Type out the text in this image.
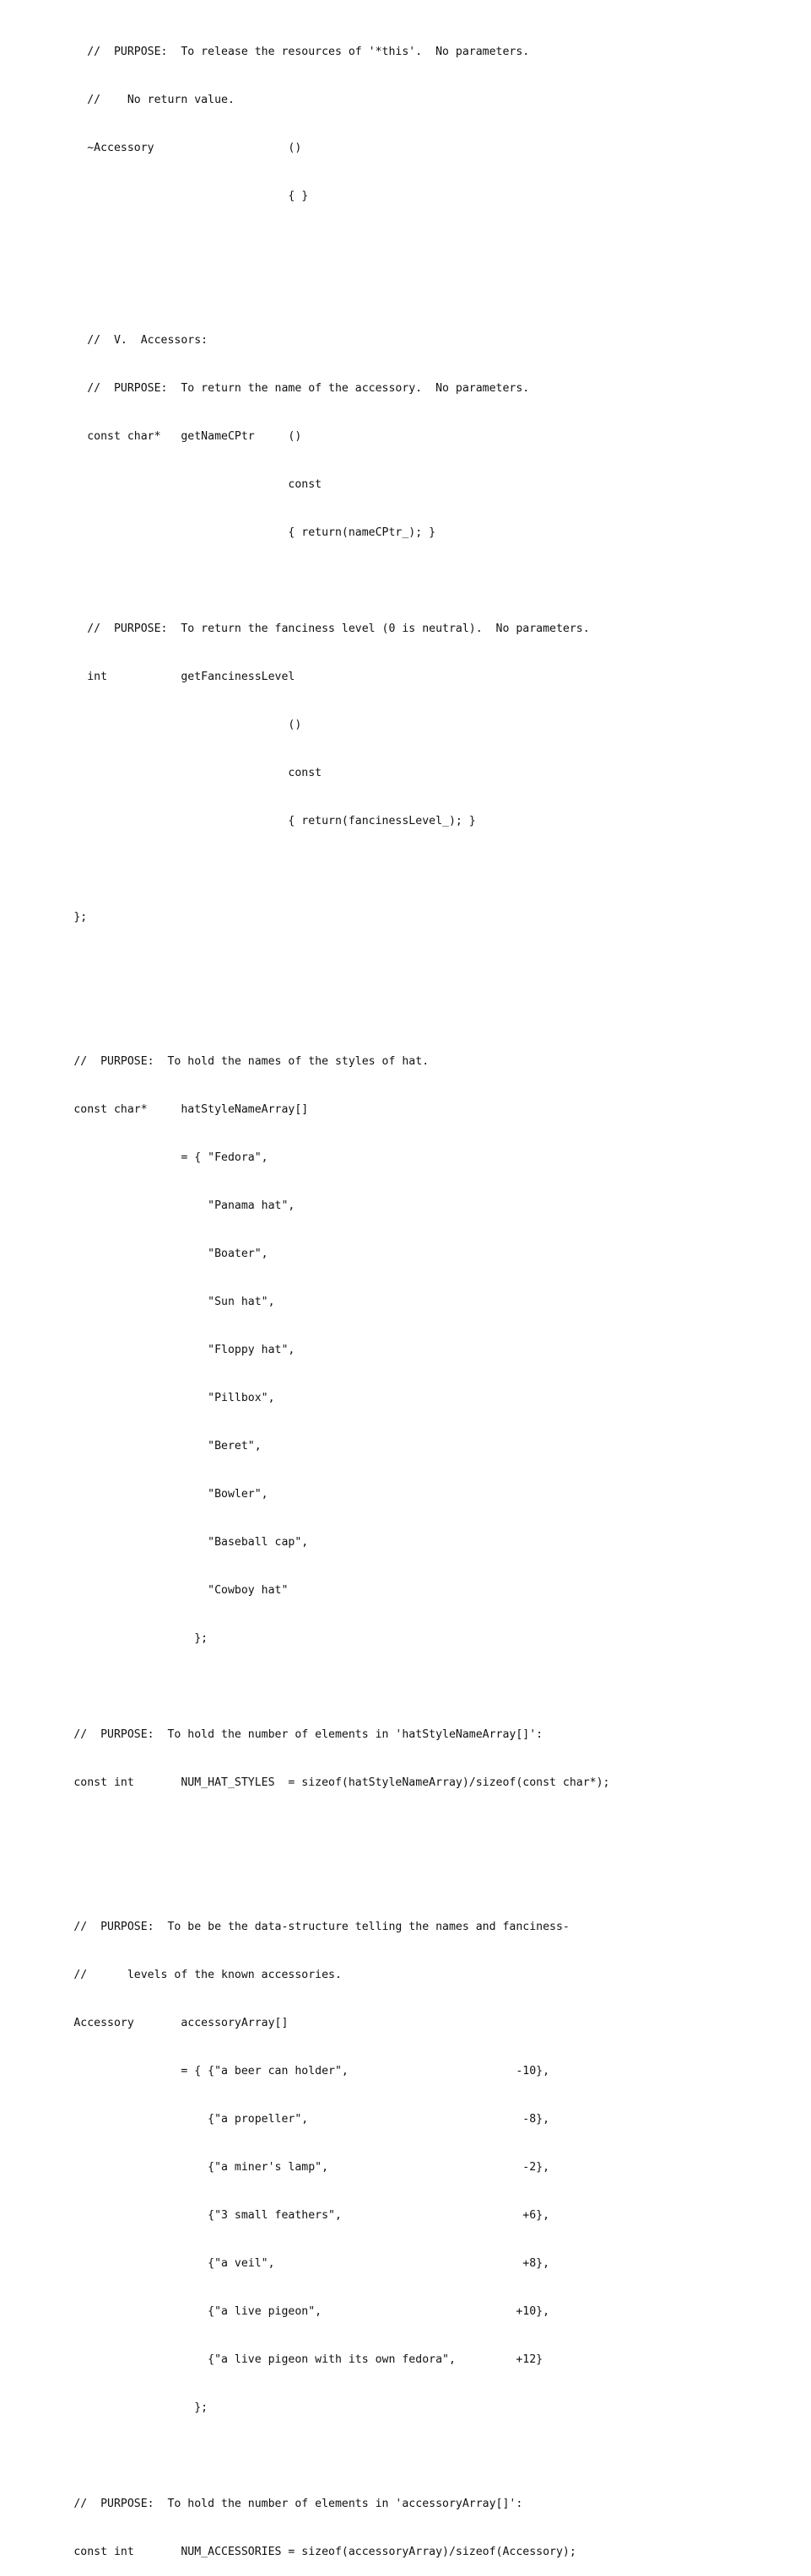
//  PURPOSE:  To release the resources of '*this'.  No parameters.

//    No return value.

~Accessory                    ()

{ }

//  V.  Accessors:

//  PURPOSE:  To return the name of the accessory.  No parameters.

const char*   getNameCPtr     ()

const

{ return(nameCPtr_); }

//  PURPOSE:  To return the fanciness level (0 is neutral).  No parameters.

int           getFancinessLevel

()

const

{ return(fancinessLevel_); }

};

//  PURPOSE:  To hold the names of the styles of hat.

const char*     hatStyleNameArray[]

= { "Fedora",

"Panama hat",

"Boater",

"Sun hat",

"Floppy hat",

"Pillbox",

"Beret",

"Bowler",

"Baseball cap",

"Cowboy hat"

};

//  PURPOSE:  To hold the number of elements in 'hatStyleNameArray[]':

const int       NUM_HAT_STYLES  = sizeof(hatStyleNameArray)/sizeof(const char*);

//  PURPOSE:  To be be the data-structure telling the names and fanciness-

//      levels of the known accessories.

Accessory       accessoryArray[]

= { {"a beer can holder",                         -10},

{"a propeller",                                -8},

{"a miner's lamp",                             -2},

{"3 small feathers",                           +6},

{"a veil",                                     +8},

{"a live pigeon",                             +10},

{"a live pigeon with its own fedora",         +12}

};

//  PURPOSE:  To hold the number of elements in 'accessoryArray[]':

const int       NUM_ACCESSORIES = sizeof(accessoryArray)/sizeof(Accessory);
